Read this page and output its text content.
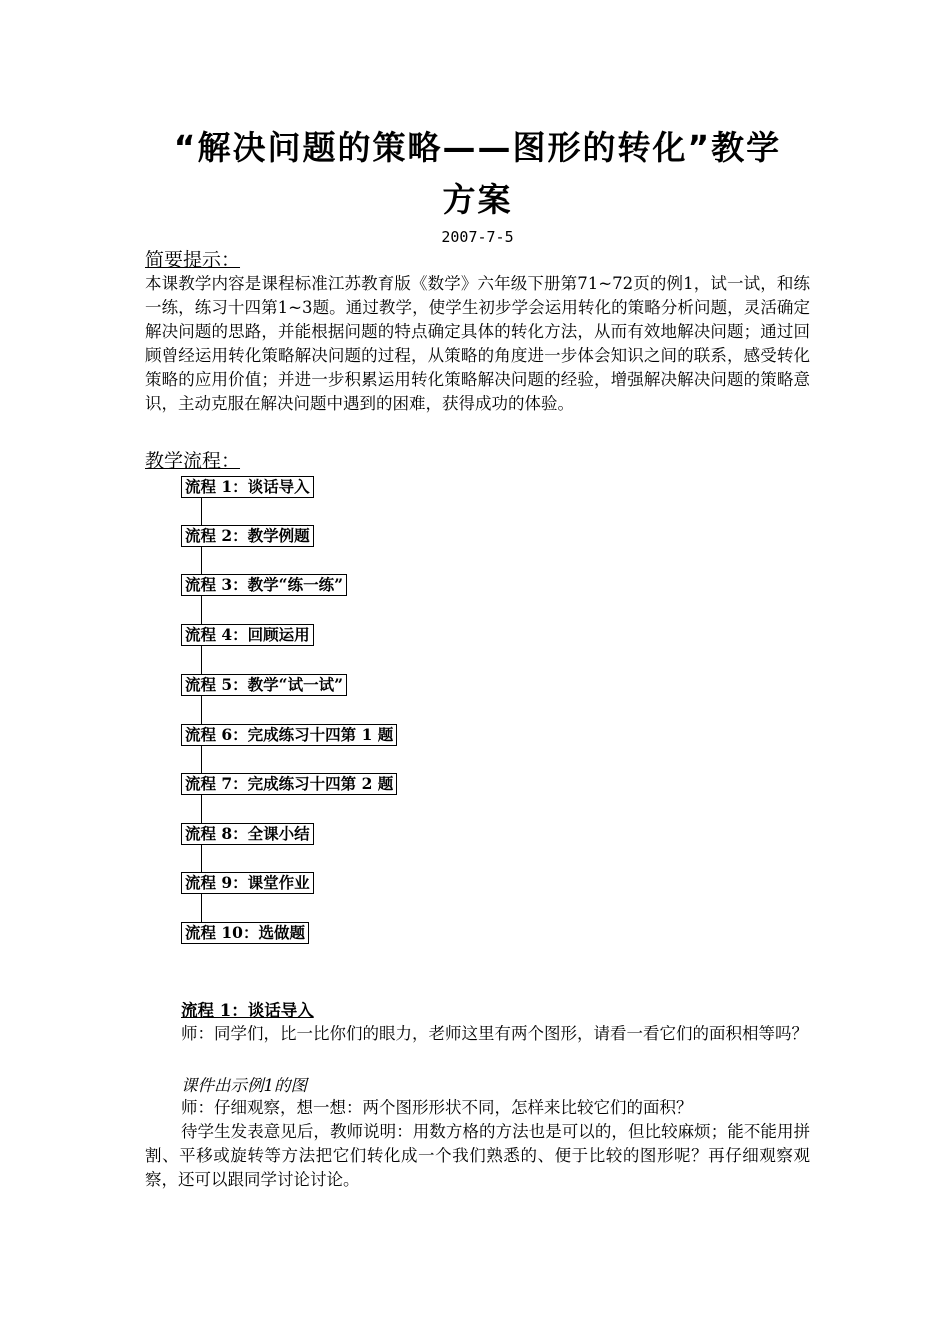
“解决问题的策略——图形的转化”教学
方案
2007-7-5
简要提示：
本课教学内容是课程标准江苏教育版《数学》六年级下册第71~72页的例1，试一试，和练一练，练习十四第1~3题。通过教学，使学生初步学会运用转化的策略分析问题，灵活确定解决问题的思路，并能根据问题的特点确定具体的转化方法，从而有效地解决问题；通过回顾曾经运用转化策略解决问题的过程，从策略的角度进一步体会知识之间的联系，感受转化策略的应用价值；并进一步积累运用转化策略解决问题的经验，增强解决解决问题的策略意识，主动克服在解决问题中遇到的困难，获得成功的体验。
教学流程：
流程 1：谈话导入
流程 2：教学例题
流程 3：教学“练一练”
流程 4：回顾运用
流程 5：教学“试一试”
流程 6：完成练习十四第 1 题
流程 7：完成练习十四第 2 题
流程 8：全课小结
流程 9：课堂作业
流程 10：选做题
流程 1：谈话导入
师：同学们，比一比你们的眼力，老师这里有两个图形，请看一看它们的面积相等吗？
课件出示例1的图
师：仔细观察，想一想：两个图形形状不同，怎样来比较它们的面积？
待学生发表意见后，教师说明：用数方格的方法也是可以的，但比较麻烦；能不能用拼割、平移或旋转等方法把它们转化成一个我们熟悉的、便于比较的图形呢？再仔细观察观察，还可以跟同学讨论讨论。
